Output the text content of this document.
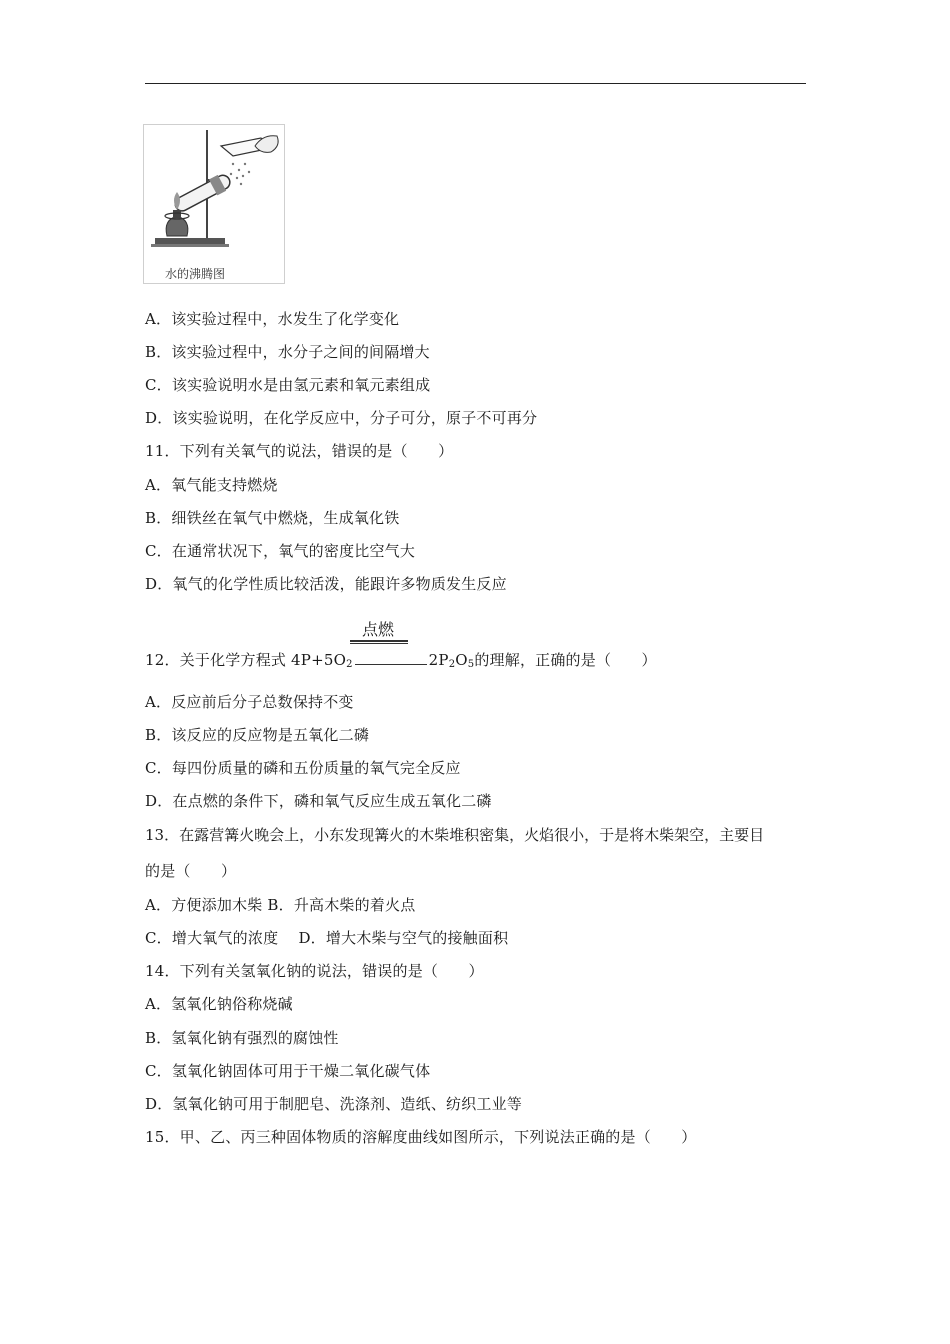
水的沸腾图
A．该实验过程中，水发生了化学变化
B．该实验过程中，水分子之间的间隔增大
C．该实验说明水是由氢元素和氧元素组成
D．该实验说明，在化学反应中，分子可分，原子不可再分
11．下列有关氧气的说法，错误的是（　　）
A．氧气能支持燃烧
B．细铁丝在氧气中燃烧，生成氧化铁
C．在通常状况下，氧气的密度比空气大
D．氧气的化学性质比较活泼，能跟许多物质发生反应
点燃
12．关于化学方程式 $4P+5O_2$	$2P_2O_5$的理解，正确的是（　　）
A．反应前后分子总数保持不变
B．该反应的反应物是五氧化二磷
C．每四份质量的磷和五份质量的氧气完全反应
D．在点燃的条件下，磷和氧气反应生成五氧化二磷
13．在露营篝火晚会上，小东发现篝火的木柴堆积密集，火焰很小，于是将木柴架空，主要目
的是（　　）
A．方便添加木柴 B．升高木柴的着火点
C．增大氧气的浓度　 D．增大木柴与空气的接触面积
14．下列有关氢氧化钠的说法，错误的是（　　）
A．氢氧化钠俗称烧碱
B．氢氧化钠有强烈的腐蚀性
C．氢氧化钠固体可用于干燥二氧化碳气体
D．氢氧化钠可用于制肥皂、洗涤剂、造纸、纺织工业等
15．甲、乙、丙三种固体物质的溶解度曲线如图所示，下列说法正确的是（　　）
